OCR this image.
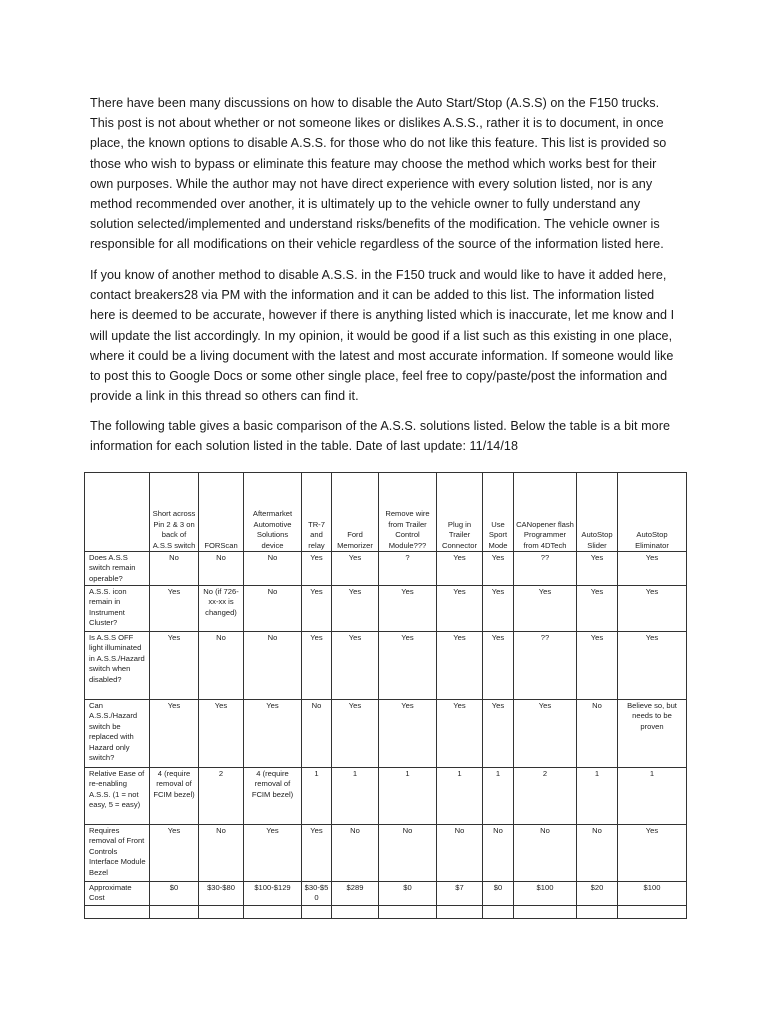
There have been many discussions on how to disable the Auto Start/Stop (A.S.S) on the F150 trucks. This post is not about whether or not someone likes or dislikes A.S.S., rather it is to document, in once place, the known options to disable A.S.S. for those who do not like this feature. This list is provided so those who wish to bypass or eliminate this feature may choose the method which works best for their own purposes. While the author may not have direct experience with every solution listed, nor is any method recommended over another, it is ultimately up to the vehicle owner to fully understand any solution selected/implemented and understand risks/benefits of the modification. The vehicle owner is responsible for all modifications on their vehicle regardless of the source of the information listed here.

If you know of another method to disable A.S.S. in the F150 truck and would like to have it added here, contact breakers28 via PM with the information and it can be added to this list. The information listed here is deemed to be accurate, however if there is anything listed which is inaccurate, let me know and I will update the list accordingly. In my opinion, it would be good if a list such as this existing in one place, where it could be a living document with the latest and most accurate information. If someone would like to post this to Google Docs or some other single place, feel free to copy/paste/post the information and provide a link in this thread so others can find it.

The following table gives a basic comparison of the A.S.S. solutions listed. Below the table is a bit more information for each solution listed in the table. Date of last update: 11/14/18

	Short across Pin 2 & 3 on back of A.S.S switch	FORScan	Aftermarket Automotive Solutions device	TR-7 and relay	Ford Memorizer	Remove wire from Trailer Control Module???	Plug in Trailer Connector	Use Sport Mode	CANopener flash Programmer from 4DTech	AutoStop Slider	AutoStop Eliminator
Does A.S.S switch remain operable?	No	No	No	Yes	Yes	?	Yes	Yes	??	Yes	Yes
A.S.S. icon remain in Instrument Cluster?	Yes	No (if 726-xx-xx is changed)	No	Yes	Yes	Yes	Yes	Yes	Yes	Yes	Yes
Is A.S.S OFF light illuminated in A.S.S./Hazard switch when disabled?	Yes	No	No	Yes	Yes	Yes	Yes	Yes	??	Yes	Yes
Can A.S.S./Hazard switch be replaced with Hazard only switch?	Yes	Yes	Yes	No	Yes	Yes	Yes	Yes	Yes	No	Believe so, but needs to be proven
Relative Ease of re-enabling A.S.S. (1 = not easy, 5 = easy)	4 (require removal of FCIM bezel)	2	4 (require removal of FCIM bezel)	1	1	1	1	1	2	1	1
Requires removal of Front Controls Interface Module Bezel	Yes	No	Yes	Yes	No	No	No	No	No	No	Yes
Approximate Cost	$0	$30-$80	$100-$129	$30-$50	$289	$0	$7	$0	$100	$20	$100
